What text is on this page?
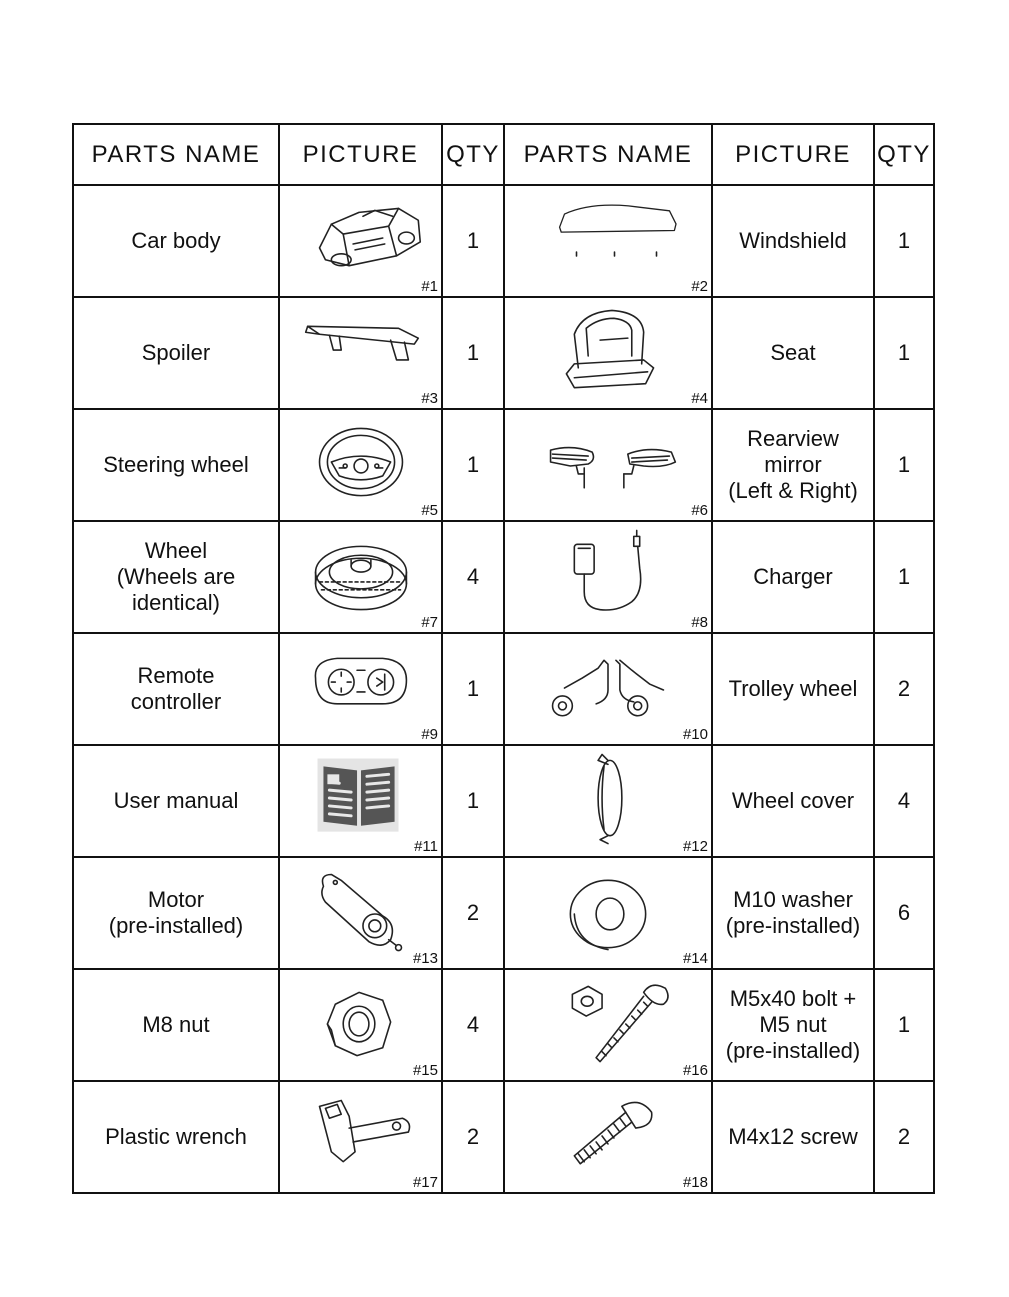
PARTS NAME	PICTURE	QTY	PARTS NAME	PICTURE	QTY
Car body	#1	1	#2	Windshield	1
Spoiler	#3	1	#4	Seat	1
Steering wheel	#5	1	#6	Rearview
mirror
(Left & Right)	1
Wheel
(Wheels are
identical)	#7	4	#8	Charger	1
Remote
controller	#9	1	#10	Trolley wheel	2
User manual	#11	1	#12	Wheel cover	4
Motor
(pre-installed)	#13	2	#14	M10 washer
(pre-installed)	6
M8 nut	#15	4	#16	M5x40 bolt +
M5 nut
(pre-installed)	1
Plastic wrench	#17	2	#18	M4x12 screw	2
